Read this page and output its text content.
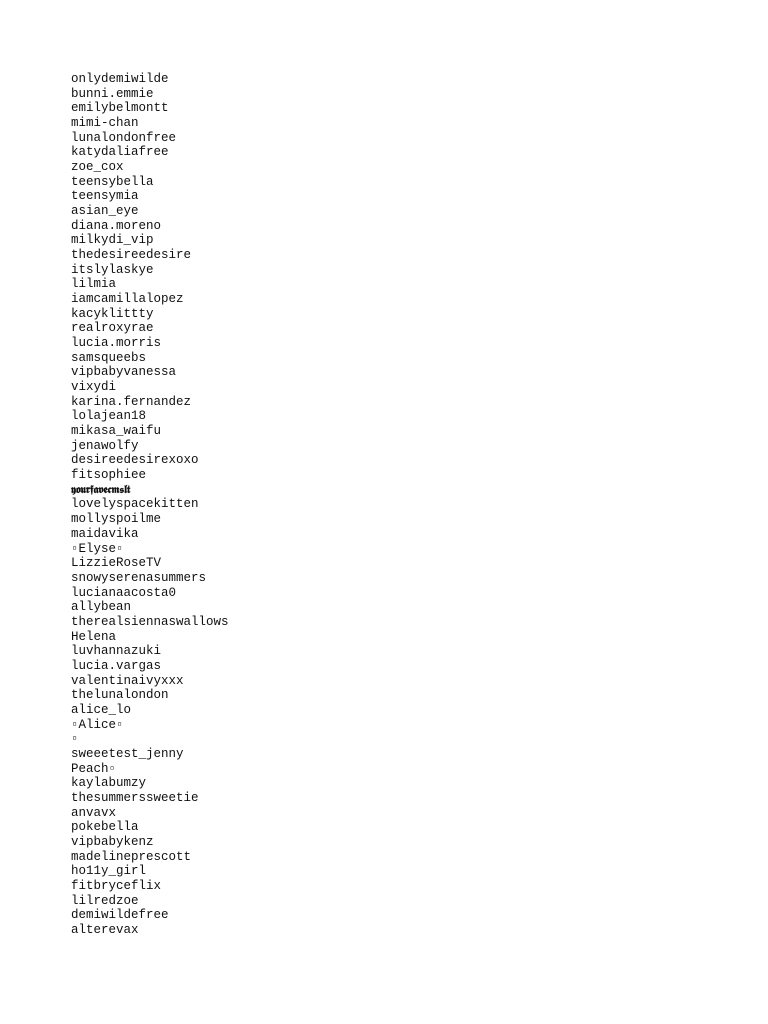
onlydemiwilde
bunni.emmie
emilybelmontt
mimi-chan
lunalondonfree
katydaliafree
zoe_cox
teensybella
teensymia
asian_eye
diana.moreno
milkydi_vip
thedesireedesire
itslylaskye
lilmia
iamcamillalopez
kacyklittty
realroxyrae
lucia.morris
samsqueebs
vipbabyvanessa
vixydi
karina.fernandez
lolajean18
mikasa_waifu
jenawolfy
desireedesirexoxo
fitsophiee
𝖞𝖔𝖚𝖗𝖋𝖆𝖛𝖊𝖈𝖒𝖘𝖑𝖙
lovelyspacekitten
mollyspoilme
maidavika
▫Elyse▫
LizzieRoseTV
snowyserenasummers
lucianaacosta0
allybean
therealsiennaswallows
Helena
luvhannazuki
lucia.vargas
valentinaivyxxx
thelunalondon
alice_lo
▫Alice▫
▫
sweeetest_jenny
Peach▫
kaylabumzy
thesummerssweetie
anvavx
pokebella
vipbabykenz
madelineprescott
ho11y_girl
fitbryceflix
lilredzoe
demiwildefree
alterevax
